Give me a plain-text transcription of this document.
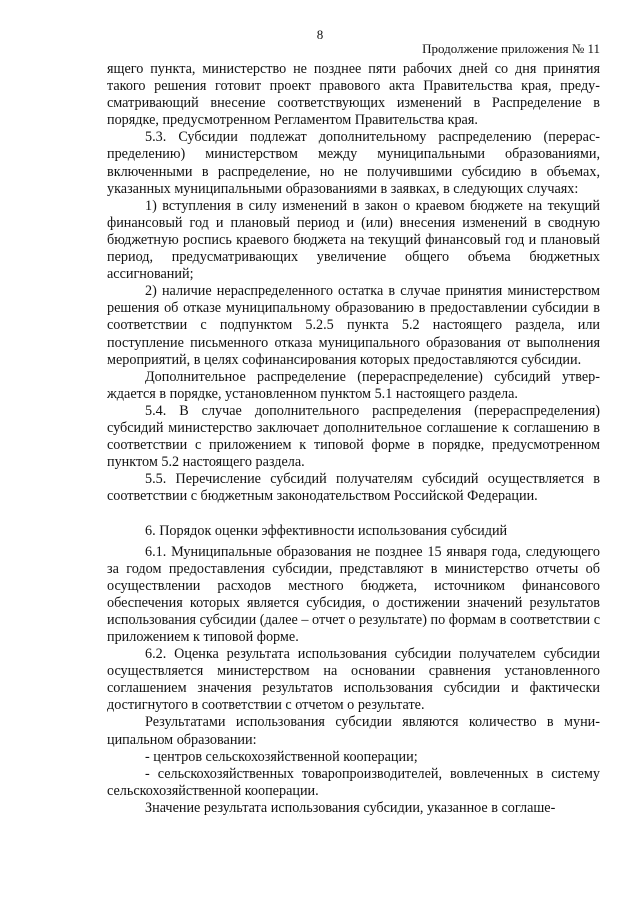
8
Продолжение приложения № 11

ящего пункта, министерство не позднее пяти рабочих дней со дня принятия такого решения готовит проект правового акта Правительства края, предусматривающий внесение соответствующих изменений в Распределение в порядке, предусмотренном Регламентом Правительства края.

5.3. Субсидии подлежат дополнительному распределению (перераспределению) министерством между муниципальными образованиями, включенными в распределение, но не получившими субсидию в объемах, указанных муниципальными образованиями в заявках, в следующих случаях:

1) вступления в силу изменений в закон о краевом бюджете на текущий финансовый год и плановый период и (или) внесения изменений в сводную бюджетную роспись краевого бюджета на текущий финансовый год и плановый период, предусматривающих увеличение общего объема бюджетных ассигнований;

2) наличие нераспределенного остатка в случае принятия министерством решения об отказе муниципальному образованию в предоставлении субсидии в соответствии с подпунктом 5.2.5 пункта 5.2 настоящего раздела, или поступление письменного отказа муниципального образования от выполнения мероприятий, в целях софинансирования которых предоставляются субсидии.

Дополнительное распределение (перераспределение) субсидий утверждается в порядке, установленном пунктом 5.1 настоящего раздела.

5.4. В случае дополнительного распределения (перераспределения) субсидий министерство заключает дополнительное соглашение к соглашению в соответствии с приложением к типовой форме в порядке, предусмотренном пунктом 5.2 настоящего раздела.

5.5. Перечисление субсидий получателям субсидий осуществляется в соответствии с бюджетным законодательством Российской Федерации.

6. Порядок оценки эффективности использования субсидий

6.1. Муниципальные образования не позднее 15 января года, следующего за годом предоставления субсидии, представляют в министерство отчеты об осуществлении расходов местного бюджета, источником финансового обеспечения которых является субсидия, о достижении значений результатов использования субсидии (далее – отчет о результате) по формам в соответствии с приложением к типовой форме.

6.2. Оценка результата использования субсидии получателем субсидии осуществляется министерством на основании сравнения установленного соглашением значения результатов использования субсидии и фактически достигнутого в соответствии с отчетом о результате.

Результатами использования субсидии являются количество в муниципальном образовании:

- центров сельскохозяйственной кооперации;

- сельскохозяйственных товаропроизводителей, вовлеченных в систему сельскохозяйственной кооперации.

Значение результата использования субсидии, указанное в соглаше-
